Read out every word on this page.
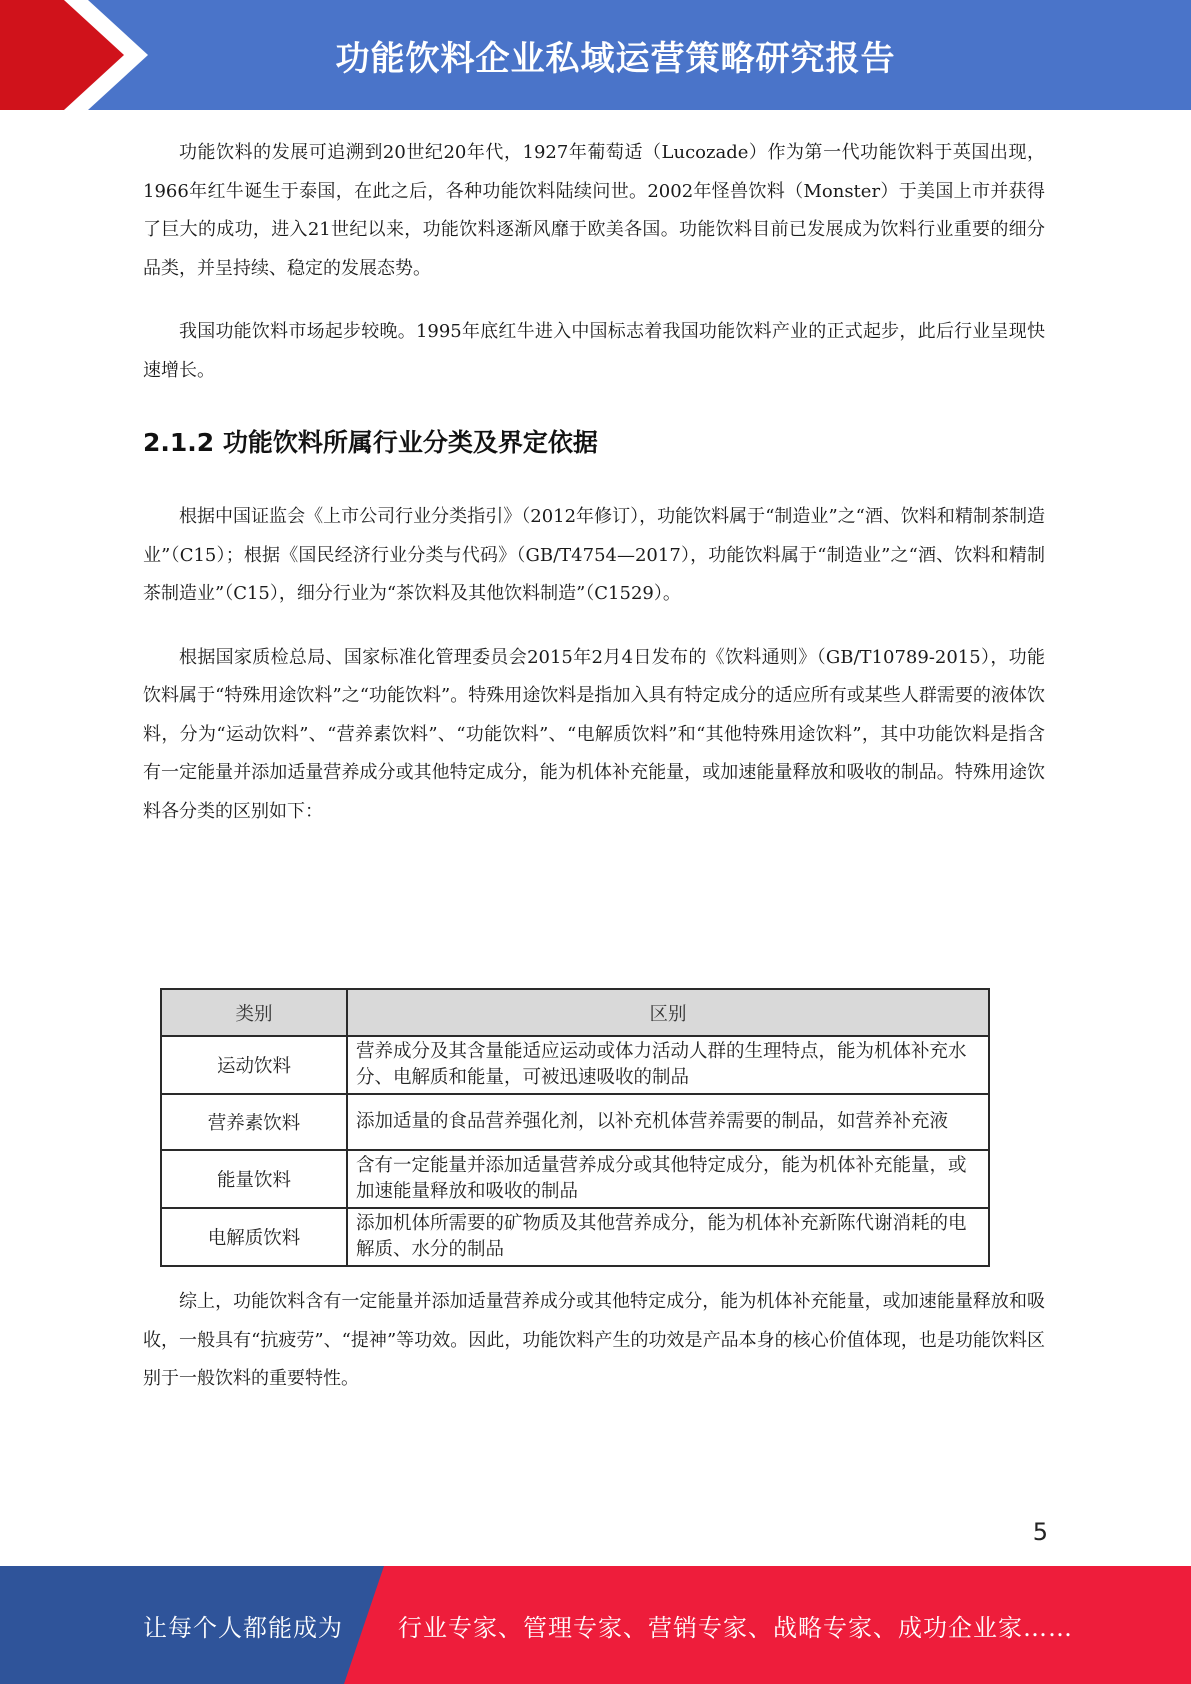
功能饮料企业私域运营策略研究报告

功能饮料的发展可追溯到20世纪20年代，1927年葡萄适（Lucozade）作为第一代功能饮料于英国出现，1966年红牛诞生于泰国，在此之后，各种功能饮料陆续问世。2002年怪兽饮料（Monster）于美国上市并获得了巨大的成功，进入21世纪以来，功能饮料逐渐风靡于欧美各国。功能饮料目前已发展成为饮料行业重要的细分品类，并呈持续、稳定的发展态势。

我国功能饮料市场起步较晚。1995年底红牛进入中国标志着我国功能饮料产业的正式起步，此后行业呈现快速增长。

2.1.2 功能饮料所属行业分类及界定依据

根据中国证监会《上市公司行业分类指引》（2012年修订），功能饮料属于“制造业”之“酒、饮料和精制茶制造业”（C15）；根据《国民经济行业分类与代码》（GB/T4754—2017），功能饮料属于“制造业”之“酒、饮料和精制茶制造业”（C15），细分行业为“茶饮料及其他饮料制造”（C1529）。

根据国家质检总局、国家标准化管理委员会2015年2月4日发布的《饮料通则》（GB/T10789-2015），功能饮料属于“特殊用途饮料”之“功能饮料”。特殊用途饮料是指加入具有特定成分的适应所有或某些人群需要的液体饮料，分为“运动饮料”、“营养素饮料”、“功能饮料”、“电解质饮料”和“其他特殊用途饮料”，其中功能饮料是指含有一定能量并添加适量营养成分或其他特定成分，能为机体补充能量，或加速能量释放和吸收的制品。特殊用途饮料各分类的区别如下：

类别	区别
运动饮料	营养成分及其含量能适应运动或体力活动人群的生理特点，能为机体补充水分、电解质和能量，可被迅速吸收的制品
营养素饮料	添加适量的食品营养强化剂，以补充机体营养需要的制品，如营养补充液
能量饮料	含有一定能量并添加适量营养成分或其他特定成分，能为机体补充能量，或加速能量释放和吸收的制品
电解质饮料	添加机体所需要的矿物质及其他营养成分，能为机体补充新陈代谢消耗的电解质、水分的制品

综上，功能饮料含有一定能量并添加适量营养成分或其他特定成分，能为机体补充能量，或加速能量释放和吸收，一般具有“抗疲劳”、“提神”等功效。因此，功能饮料产生的功效是产品本身的核心价值体现，也是功能饮料区别于一般饮料的重要特性。

5
让每个人都能成为 行业专家、管理专家、营销专家、战略专家、成功企业家……
